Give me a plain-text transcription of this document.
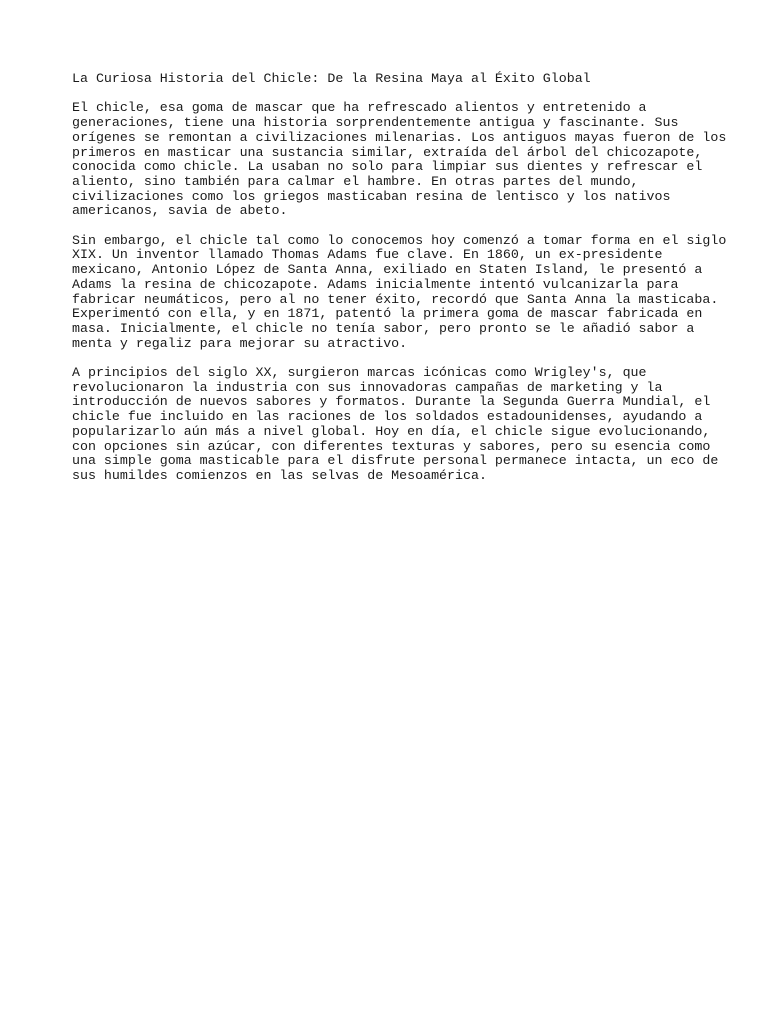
La Curiosa Historia del Chicle: De la Resina Maya al Éxito Global

El chicle, esa goma de mascar que ha refrescado alientos y entretenido a
generaciones, tiene una historia sorprendentemente antigua y fascinante. Sus
orígenes se remontan a civilizaciones milenarias. Los antiguos mayas fueron de los
primeros en masticar una sustancia similar, extraída del árbol del chicozapote,
conocida como chicle. La usaban no solo para limpiar sus dientes y refrescar el
aliento, sino también para calmar el hambre. En otras partes del mundo,
civilizaciones como los griegos masticaban resina de lentisco y los nativos
americanos, savia de abeto.

Sin embargo, el chicle tal como lo conocemos hoy comenzó a tomar forma en el siglo
XIX. Un inventor llamado Thomas Adams fue clave. En 1860, un ex-presidente
mexicano, Antonio López de Santa Anna, exiliado en Staten Island, le presentó a
Adams la resina de chicozapote. Adams inicialmente intentó vulcanizarla para
fabricar neumáticos, pero al no tener éxito, recordó que Santa Anna la masticaba.
Experimentó con ella, y en 1871, patentó la primera goma de mascar fabricada en
masa. Inicialmente, el chicle no tenía sabor, pero pronto se le añadió sabor a
menta y regaliz para mejorar su atractivo.

A principios del siglo XX, surgieron marcas icónicas como Wrigley's, que
revolucionaron la industria con sus innovadoras campañas de marketing y la
introducción de nuevos sabores y formatos. Durante la Segunda Guerra Mundial, el
chicle fue incluido en las raciones de los soldados estadounidenses, ayudando a
popularizarlo aún más a nivel global. Hoy en día, el chicle sigue evolucionando,
con opciones sin azúcar, con diferentes texturas y sabores, pero su esencia como
una simple goma masticable para el disfrute personal permanece intacta, un eco de
sus humildes comienzos en las selvas de Mesoamérica.
